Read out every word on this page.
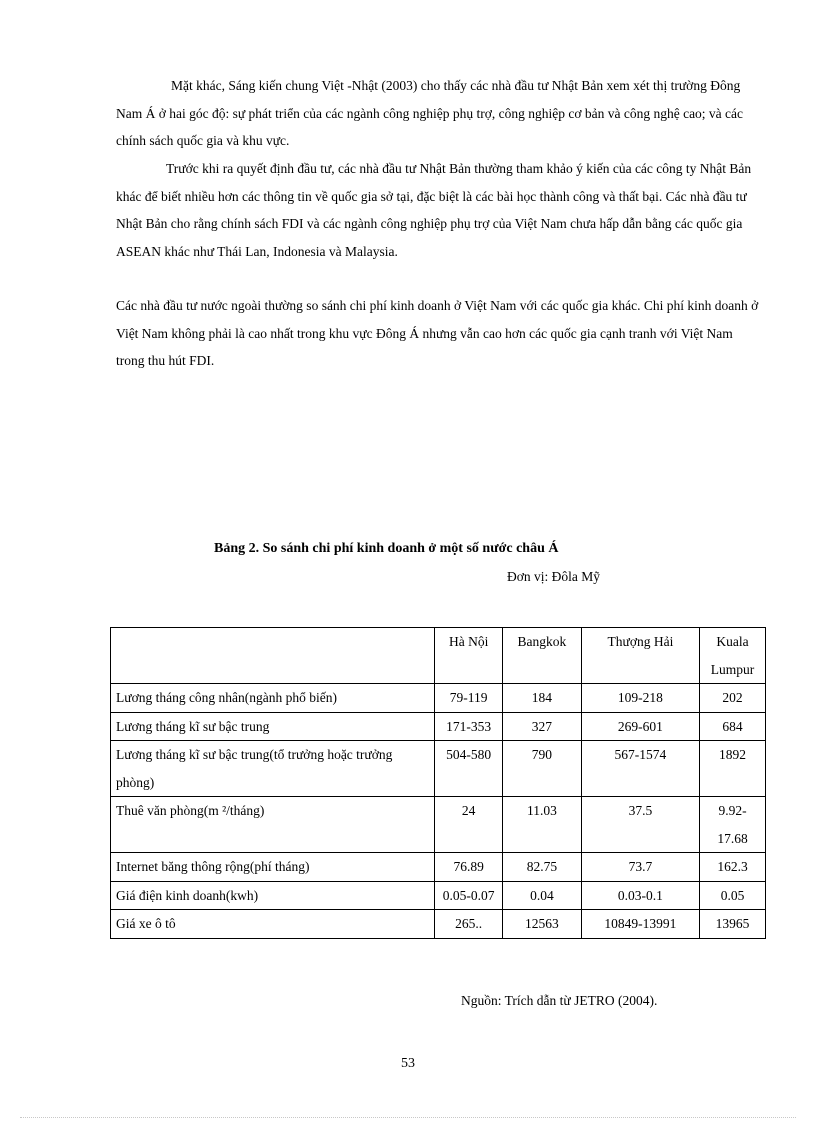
Mặt khác, Sáng kiến chung Việt -Nhật (2003) cho thấy các nhà đầu tư Nhật Bản xem xét thị trường Đông Nam Á ở hai góc độ: sự phát triển của các ngành công nghiệp phụ trợ, công nghiệp cơ bản và công nghệ cao; và các chính sách quốc gia và khu vực.

Trước khi ra quyết định đầu tư, các nhà đầu tư Nhật Bản thường tham khảo ý kiến của các công ty Nhật Bản khác để biết nhiều hơn các thông tin về quốc gia sở tại, đặc biệt là các bài học thành công và thất bại. Các nhà đầu tư Nhật Bản cho rằng chính sách FDI và các ngành công nghiệp phụ trợ của Việt Nam chưa hấp dẫn bằng các quốc gia ASEAN khác như Thái Lan, Indonesia và Malaysia.

Các nhà đầu tư nước ngoài thường so sánh chi phí kinh doanh ở Việt Nam với các quốc gia khác. Chi phí kinh doanh ở Việt Nam không phải là cao nhất trong khu vực Đông Á nhưng vẫn cao hơn các quốc gia cạnh tranh với Việt Nam trong thu hút FDI.

Bảng 2. So sánh chi phí kinh doanh ở một số nước châu Á

Đơn vị: Đôla Mỹ

	Hà Nội	Bangkok	Thượng Hải	Kuala Lumpur
Lương tháng công nhân(ngành phổ biến)	79-119	184	109-218	202
Lương tháng kĩ sư bậc trung	171-353	327	269-601	684
Lương tháng kĩ sư bậc trung(tổ trưởng hoặc trưởng phòng)	504-580	790	567-1574	1892
Thuê văn phòng(m ²/tháng)	24	11.03	37.5	9.92-17.68
Internet băng thông rộng(phí tháng)	76.89	82.75	73.7	162.3
Giá điện kinh doanh(kwh)	0.05-0.07	0.04	0.03-0.1	0.05
Giá xe ô tô	265..	12563	10849-13991	13965

Nguồn: Trích dẫn từ JETRO (2004).

53
